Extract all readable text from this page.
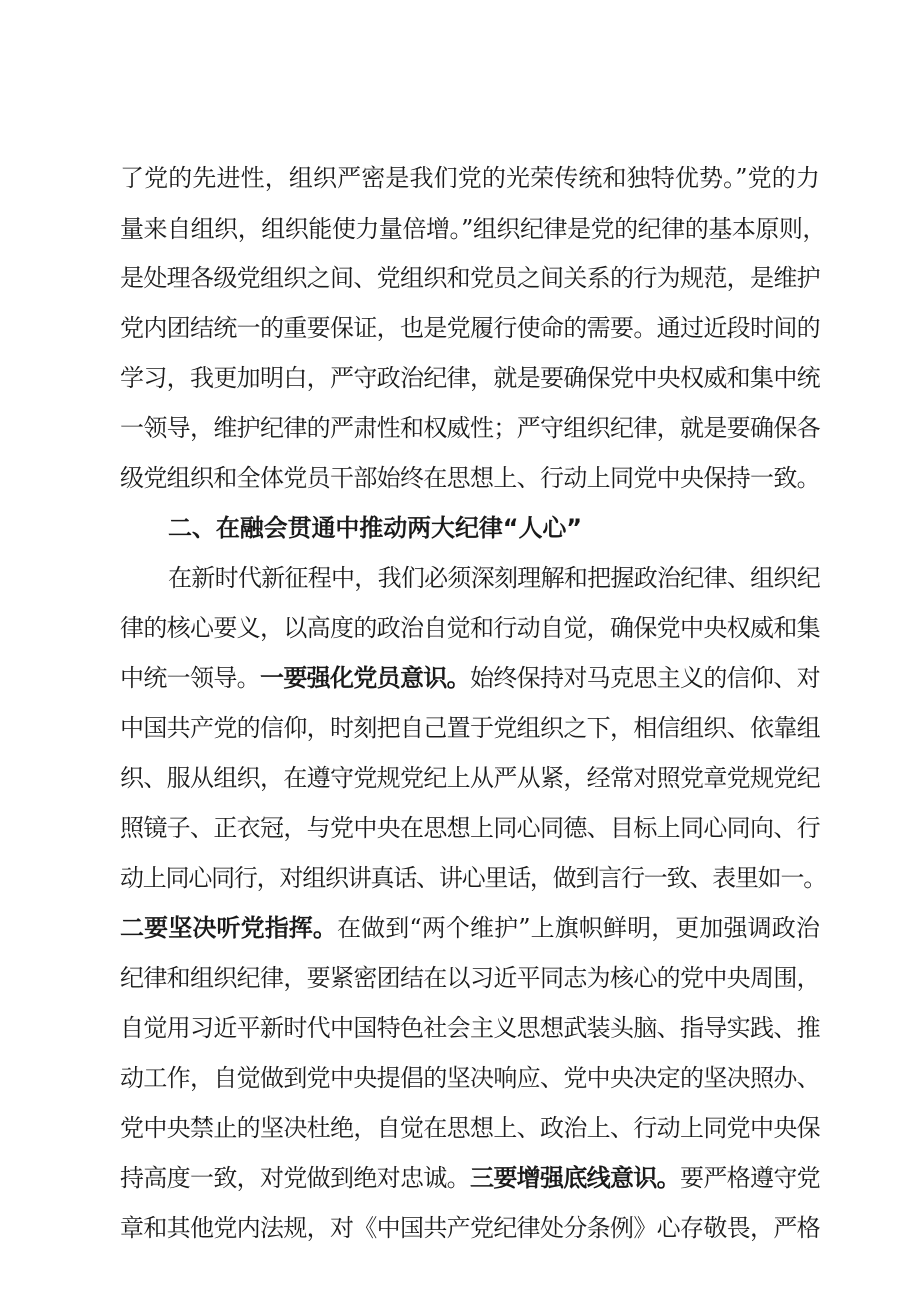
了党的先进性，组织严密是我们党的光荣传统和独特优势。”党的力
量来自组织，组织能使力量倍增。”组织纪律是党的纪律的基本原则，
是处理各级党组织之间、党组织和党员之间关系的行为规范，是维护
党内团结统一的重要保证，也是党履行使命的需要。通过近段时间的
学习，我更加明白，严守政治纪律，就是要确保党中央权威和集中统
一领导，维护纪律的严肃性和权威性；严守组织纪律，就是要确保各
级党组织和全体党员干部始终在思想上、行动上同党中央保持一致。
二、在融会贯通中推动两大纪律“人心”
在新时代新征程中，我们必须深刻理解和把握政治纪律、组织纪
律的核心要义，以高度的政治自觉和行动自觉，确保党中央权威和集
中统一领导。一要强化党员意识。始终保持对马克思主义的信仰、对
中国共产党的信仰，时刻把自己置于党组织之下，相信组织、依靠组
织、服从组织，在遵守党规党纪上从严从紧，经常对照党章党规党纪
照镜子、正衣冠，与党中央在思想上同心同德、目标上同心同向、行
动上同心同行，对组织讲真话、讲心里话，做到言行一致、表里如一。
二要坚决听党指挥。在做到“两个维护”上旗帜鲜明，更加强调政治
纪律和组织纪律，要紧密团结在以习近平同志为核心的党中央周围，
自觉用习近平新时代中国特色社会主义思想武装头脑、指导实践、推
动工作，自觉做到党中央提倡的坚决响应、党中央决定的坚决照办、
党中央禁止的坚决杜绝，自觉在思想上、政治上、行动上同党中央保
持高度一致，对党做到绝对忠诚。三要增强底线意识。要严格遵守党
章和其他党内法规，对《中国共产党纪律处分条例》心存敬畏，严格
